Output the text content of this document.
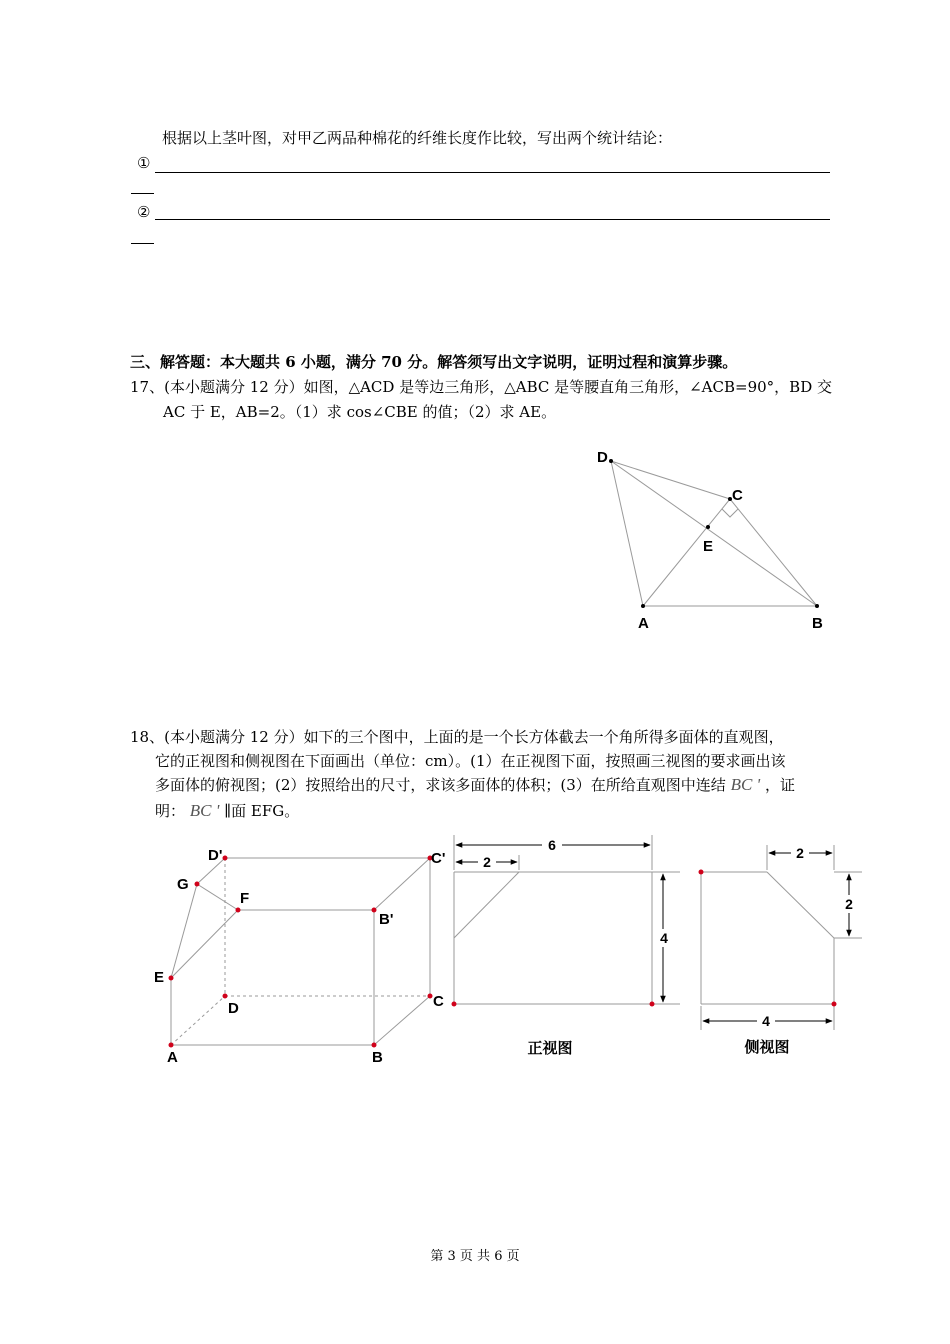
根据以上茎叶图，对甲乙两品种棉花的纤维长度作比较，写出两个统计结论：
①
②
三、解答题：本大题共 6 小题，满分 70 分。解答须写出文字说明，证明过程和演算步骤。
17、(本小题满分 12 分）如图，△ACD 是等边三角形，△ABC 是等腰直角三角形，∠ACB=90°，BD 交
AC 于 E，AB=2。（1）求 cos∠CBE 的值；（2）求 AE。
D
C
E
A	B
18、(本小题满分 12 分）如下的三个图中，上面的是一个长方体截去一个角所得多面体的直观图，
它的正视图和侧视图在下面画出（单位：cm）。(1）在正视图下面，按照画三视图的要求画出该
多面体的俯视图；(2）按照给出的尺寸，求该多面体的体积；(3）在所给直观图中连结 BC ' ，证
明： BC ' ∥面 EFG。
D'	C'
G
F
B'
E
D	C
A	B
6
2
4
正视图
2
2
4
侧视图
第 3 页 共 6 页
